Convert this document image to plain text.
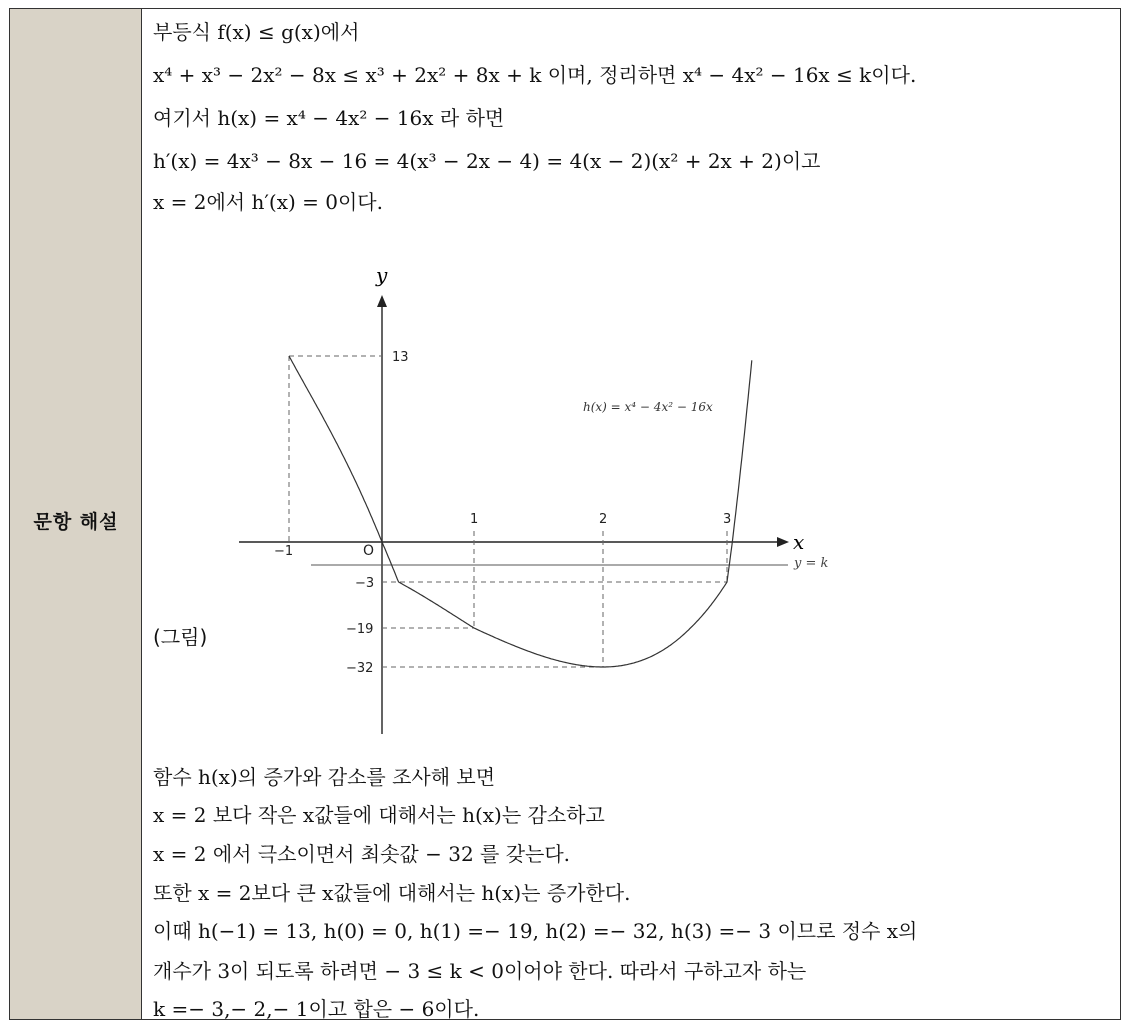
문항 해설
부등식 f(x) ≤ g(x)에서
x⁴ + x³ − 2x² − 8x ≤ x³ + 2x² + 8x + k 이며, 정리하면 x⁴ − 4x² − 16x ≤ k이다.
여기서 h(x) = x⁴ − 4x² − 16x 라 하면
h′(x) = 4x³ − 8x − 16 = 4(x³ − 2x − 4) = 4(x − 2)(x² + 2x + 2)이고
x = 2에서 h′(x) = 0이다.
(그림)
y
x
O
h(x) = x⁴ − 4x² − 16x
y = k
−1
1	2	3
13
−3
−19
−32
함수 h(x)의 증가와 감소를 조사해 보면
x = 2 보다 작은 x값들에 대해서는 h(x)는 감소하고
x = 2 에서 극소이면서 최솟값 − 32 를 갖는다.
또한 x = 2보다 큰 x값들에 대해서는 h(x)는 증가한다.
이때 h(−1) = 13, h(0) = 0, h(1) =− 19, h(2) =− 32, h(3) =− 3 이므로 정수 x의
개수가 3이 되도록 하려면 − 3 ≤ k < 0이어야 한다. 따라서 구하고자 하는
k =− 3,− 2,− 1이고 합은 − 6이다.
